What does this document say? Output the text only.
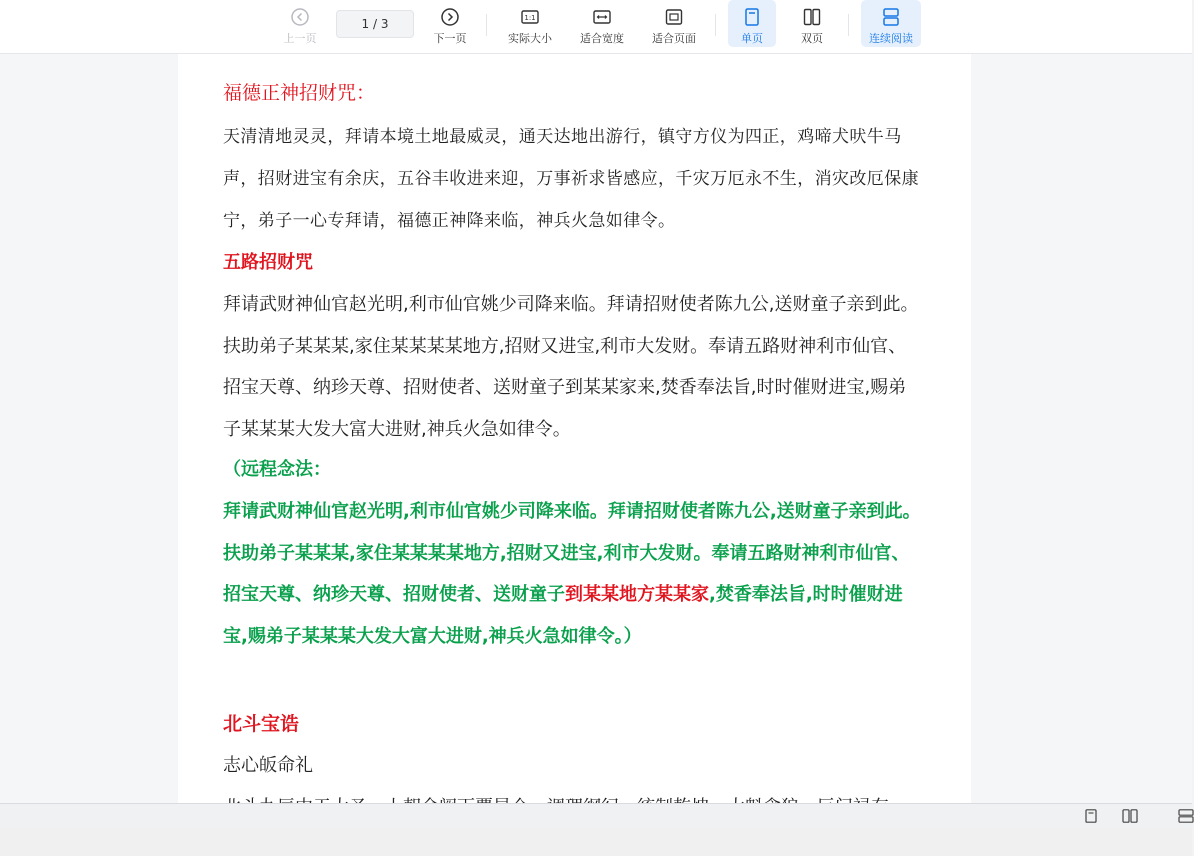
福德正神招财咒：

天清清地灵灵，拜请本境土地最威灵，通天达地出游行，镇守方仪为四正，鸡啼犬吠牛马

声，招财进宝有余庆，五谷丰收进来迎，万事祈求皆感应，千灾万厄永不生，消灾改厄保康

宁，弟子一心专拜请，福德正神降来临，神兵火急如律令。

五路招财咒

拜请武财神仙官赵光明,利市仙官姚少司降来临。拜请招财使者陈九公,送财童子亲到此。

扶助弟子某某某,家住某某某某地方,招财又进宝,利市大发财。奉请五路财神利市仙官、

招宝天尊、纳珍天尊、招财使者、送财童子到某某家来,焚香奉法旨,时时催财进宝,赐弟

子某某某大发大富大进财,神兵火急如律令。

（远程念法：

拜请武财神仙官赵光明,利市仙官姚少司降来临。拜请招财使者陈九公,送财童子亲到此。

扶助弟子某某某,家住某某某某地方,招财又进宝,利市大发财。奉请五路财神利市仙官、

招宝天尊、纳珍天尊、招财使者、送财童子到某某地方某某家,焚香奉法旨,时时催财进

宝,赐弟子某某某大发大富大进财,神兵火急如律令。）

北斗宝诰

志心皈命礼

上一页
1 / 3
下一页
1:1
实际大小	适合宽度	适合页面	单页	双页	连续阅读
